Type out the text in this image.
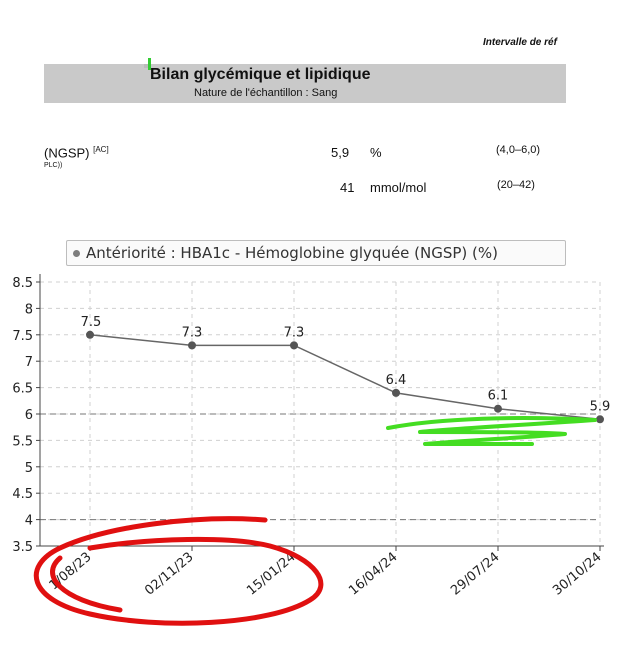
Intervalle de réf
Bilan glycémique et lipidique
Nature de l'échantillon : Sang
(NGSP) [AC]
PLC))
5,9 %	(4,0–6,0)
41 mmol/mol	(20–42)
Antériorité : HBA1c - Hémoglobine glyquée (NGSP) (%)
3.5
4
4.5
5
5.5
6
6.5
7
7.5
8
8.5
1/08/23	02/11/23	15/01/24	16/04/24	29/07/24	30/10/24
7.5
7.3	7.3
6.4
6.1
5.9
